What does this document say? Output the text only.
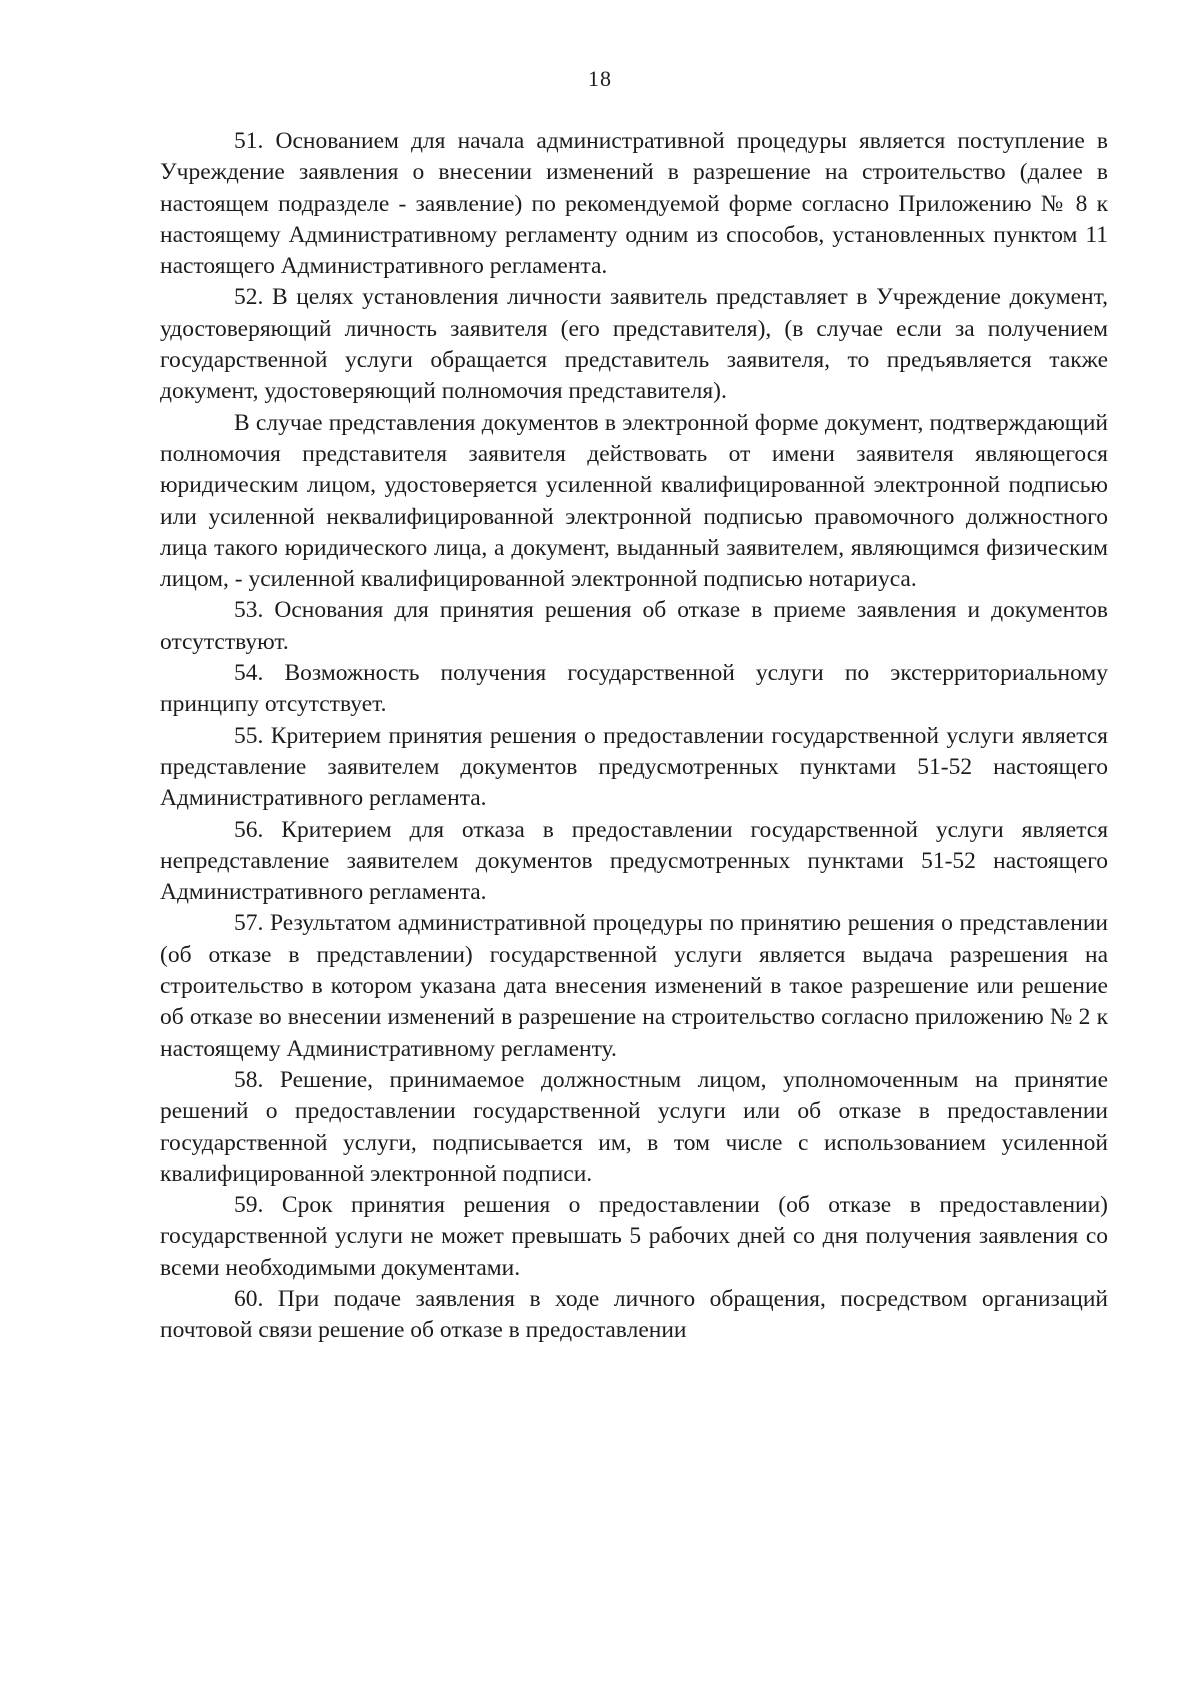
18

51. Основанием для начала административной процедуры является поступление в Учреждение заявления о внесении изменений в разрешение на строительство (далее в настоящем подразделе - заявление) по рекомендуемой форме согласно Приложению № 8 к настоящему Административному регламенту одним из способов, установленных пунктом 11 настоящего Административного регламента.

52. В целях установления личности заявитель представляет в Учреждение документ, удостоверяющий личность заявителя (его представителя), (в случае если за получением государственной услуги обращается представитель заявителя, то предъявляется также документ, удостоверяющий полномочия представителя).

В случае представления документов в электронной форме документ, подтверждающий полномочия представителя заявителя действовать от имени заявителя являющегося юридическим лицом, удостоверяется усиленной квалифицированной электронной подписью или усиленной неквалифицированной электронной подписью правомочного должностного лица такого юридического лица, а документ, выданный заявителем, являющимся физическим лицом, - усиленной квалифицированной электронной подписью нотариуса.

53. Основания для принятия решения об отказе в приеме заявления и документов отсутствуют.

54. Возможность получения государственной услуги по экстерриториальному принципу отсутствует.

55. Критерием принятия решения о предоставлении государственной услуги является представление заявителем документов предусмотренных пунктами 51-52 настоящего Административного регламента.

56. Критерием для отказа в предоставлении государственной услуги является непредставление заявителем документов предусмотренных пунктами 51-52 настоящего Административного регламента.

57. Результатом административной процедуры по принятию решения о представлении (об отказе в представлении) государственной услуги является выдача разрешения на строительство в котором указана дата внесения изменений в такое разрешение или решение об отказе во внесении изменений в разрешение на строительство согласно приложению № 2 к настоящему Административному регламенту.

58. Решение, принимаемое должностным лицом, уполномоченным на принятие решений о предоставлении государственной услуги или об отказе в предоставлении государственной услуги, подписывается им, в том числе с использованием усиленной квалифицированной электронной подписи.

59. Срок принятия решения о предоставлении (об отказе в предоставлении) государственной услуги не может превышать 5 рабочих дней со дня получения заявления со всеми необходимыми документами.

60. При подаче заявления в ходе личного обращения, посредством организаций почтовой связи решение об отказе в предоставлении
